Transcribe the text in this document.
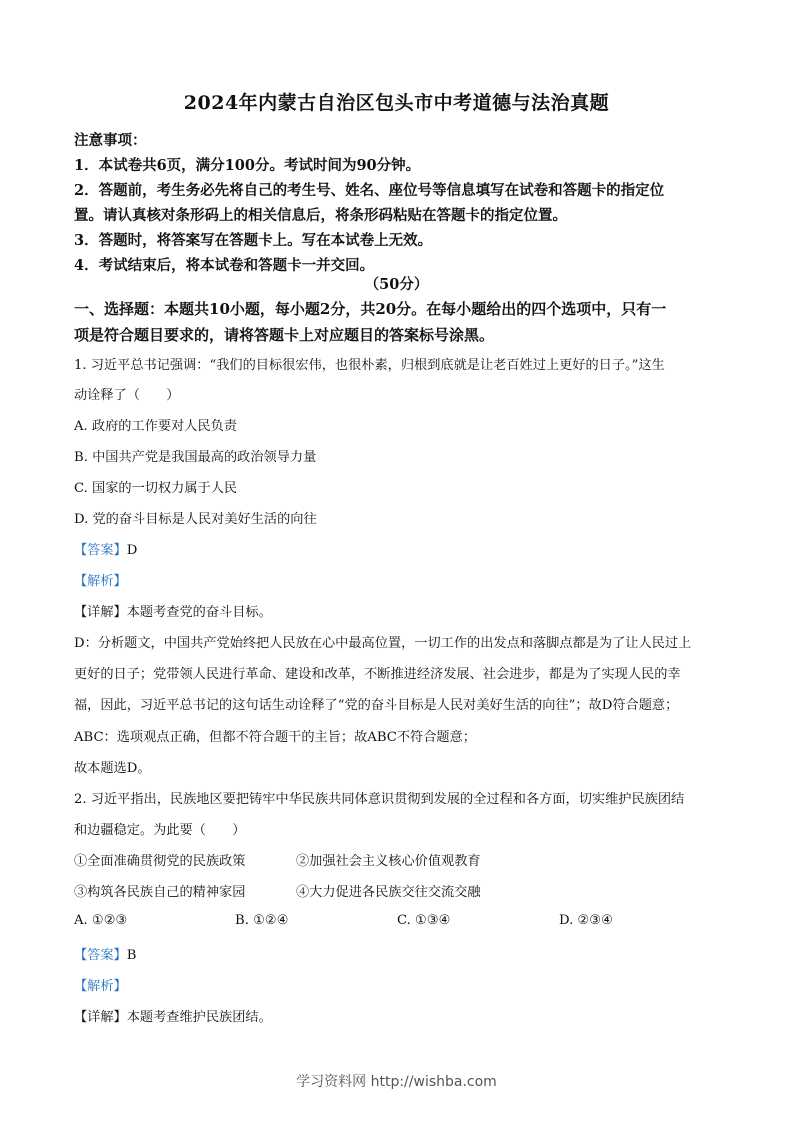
2024年内蒙古自治区包头市中考道德与法治真题
注意事项：
1．本试卷共6页，满分100分。考试时间为90分钟。
2．答题前，考生务必先将自己的考生号、姓名、座位号等信息填写在试卷和答题卡的指定位
置。请认真核对条形码上的相关信息后，将条形码粘贴在答题卡的指定位置。
3．答题时，将答案写在答题卡上。写在本试卷上无效。
4．考试结束后，将本试卷和答题卡一并交回。
（50分）
一、选择题：本题共10小题，每小题2分，共20分。在每小题给出的四个选项中，只有一
项是符合题目要求的，请将答题卡上对应题目的答案标号涂黑。
1. 习近平总书记强调：“我们的目标很宏伟，也很朴素，归根到底就是让老百姓过上更好的日子。”这生
动诠释了（　　）
A. 政府的工作要对人民负责
B. 中国共产党是我国最高的政治领导力量
C. 国家的一切权力属于人民
D. 党的奋斗目标是人民对美好生活的向往
【答案】D
【解析】
【详解】本题考查党的奋斗目标。
D：分析题文，中国共产党始终把人民放在心中最高位置，一切工作的出发点和落脚点都是为了让人民过上
更好的日子；党带领人民进行革命、建设和改革，不断推进经济发展、社会进步，都是为了实现人民的幸
福，因此，习近平总书记的这句话生动诠释了“党的奋斗目标是人民对美好生活的向往”；故D符合题意；
ABC：选项观点正确，但都不符合题干的主旨；故ABC不符合题意；
故本题选D。
2. 习近平指出，民族地区要把铸牢中华民族共同体意识贯彻到发展的全过程和各方面，切实维护民族团结
和边疆稳定。为此要（　　）
①全面准确贯彻党的民族政策	②加强社会主义核心价值观教育
③构筑各民族自己的精神家园	④大力促进各民族交往交流交融
A. ①②③	B. ①②④	C. ①③④	D. ②③④
【答案】B
【解析】
【详解】本题考查维护民族团结。
学习资料网 http://wishba.com
